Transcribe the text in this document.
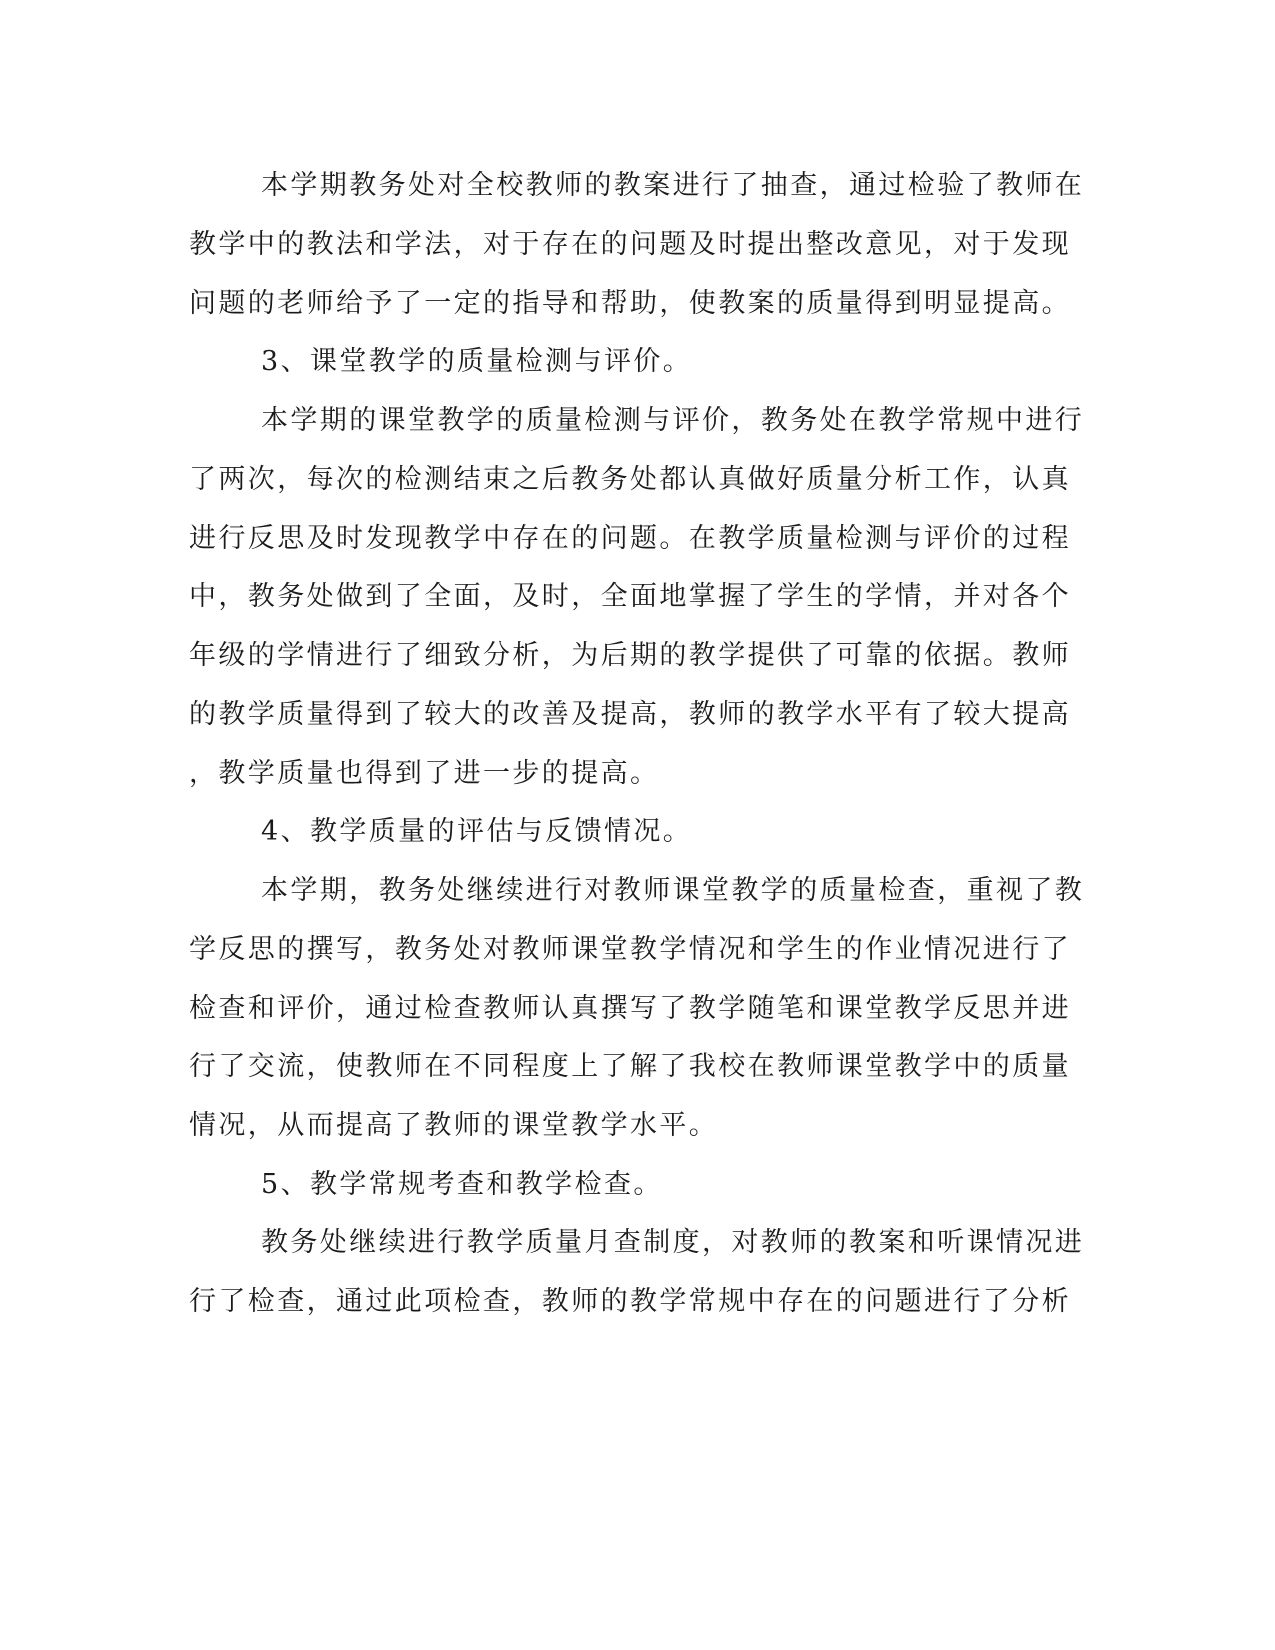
本学期教务处对全校教师的教案进行了抽查，通过检验了教师在
教学中的教法和学法，对于存在的问题及时提出整改意见，对于发现
问题的老师给予了一定的指导和帮助，使教案的质量得到明显提高。
3、课堂教学的质量检测与评价。
本学期的课堂教学的质量检测与评价，教务处在教学常规中进行
了两次，每次的检测结束之后教务处都认真做好质量分析工作，认真
进行反思及时发现教学中存在的问题。在教学质量检测与评价的过程
中，教务处做到了全面，及时，全面地掌握了学生的学情，并对各个
年级的学情进行了细致分析，为后期的教学提供了可靠的依据。教师
的教学质量得到了较大的改善及提高，教师的教学水平有了较大提高
，教学质量也得到了进一步的提高。
4、教学质量的评估与反馈情况。
本学期，教务处继续进行对教师课堂教学的质量检查，重视了教
学反思的撰写，教务处对教师课堂教学情况和学生的作业情况进行了
检查和评价，通过检查教师认真撰写了教学随笔和课堂教学反思并进
行了交流，使教师在不同程度上了解了我校在教师课堂教学中的质量
情况，从而提高了教师的课堂教学水平。
5、教学常规考查和教学检查。
教务处继续进行教学质量月查制度，对教师的教案和听课情况进
行了检查，通过此项检查，教师的教学常规中存在的问题进行了分析
